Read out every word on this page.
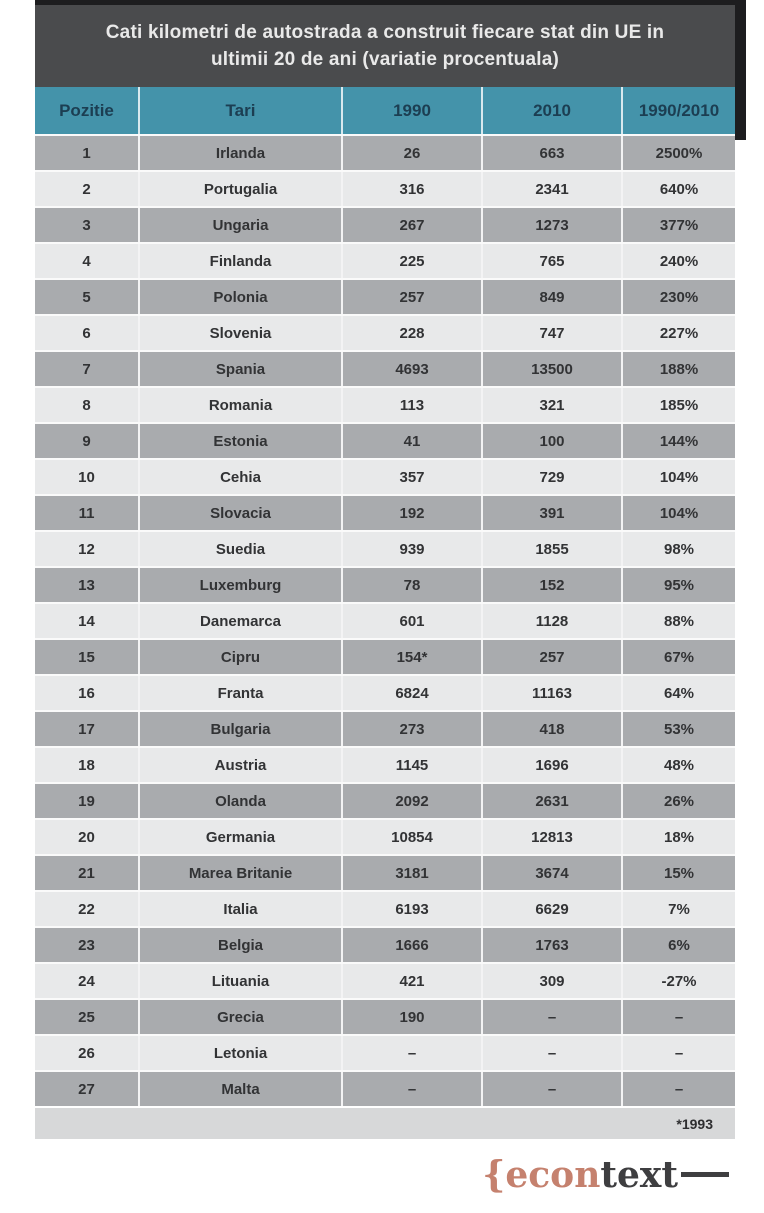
Cati kilometri de autostrada a construit fiecare stat din UE in
ultimii 20 de ani (variatie procentuala)
Pozitie	Tari	1990	2010	1990/2010
1	Irlanda	26	663	2500%
2	Portugalia	316	2341	640%
3	Ungaria	267	1273	377%
4	Finlanda	225	765	240%
5	Polonia	257	849	230%
6	Slovenia	228	747	227%
7	Spania	4693	13500	188%
8	Romania	113	321	185%
9	Estonia	41	100	144%
10	Cehia	357	729	104%
11	Slovacia	192	391	104%
12	Suedia	939	1855	98%
13	Luxemburg	78	152	95%
14	Danemarca	601	1128	88%
15	Cipru	154*	257	67%
16	Franta	6824	11163	64%
17	Bulgaria	273	418	53%
18	Austria	1145	1696	48%
19	Olanda	2092	2631	26%
20	Germania	10854	12813	18%
21	Marea Britanie	3181	3674	15%
22	Italia	6193	6629	7%
23	Belgia	1666	1763	6%
24	Lituania	421	309	-27%
25	Grecia	190	–	–
26	Letonia	–	–	–
27	Malta	–	–	–
*1993
{econtext
